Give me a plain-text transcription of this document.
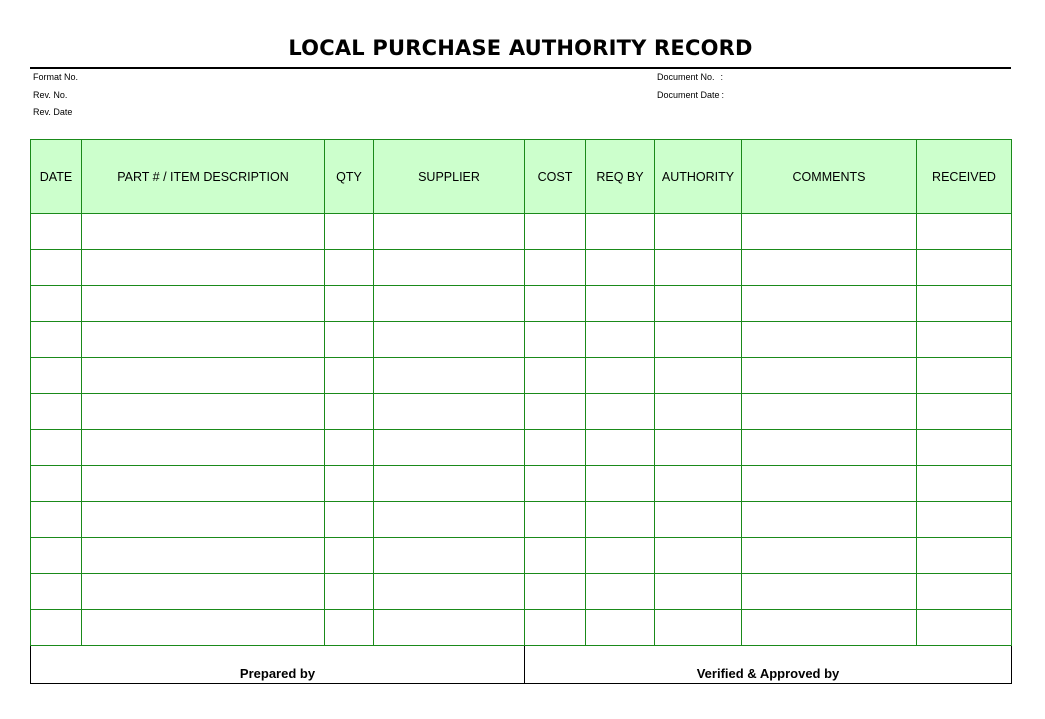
LOCAL PURCHASE AUTHORITY RECORD
Format No.
Rev. No.
Rev. Date
Document No. :
Document Date :
DATE	PART # / ITEM DESCRIPTION	QTY	SUPPLIER	COST	REQ BY	AUTHORITY	COMMENTS	RECEIVED

Prepared by				Verified & Approved by				
